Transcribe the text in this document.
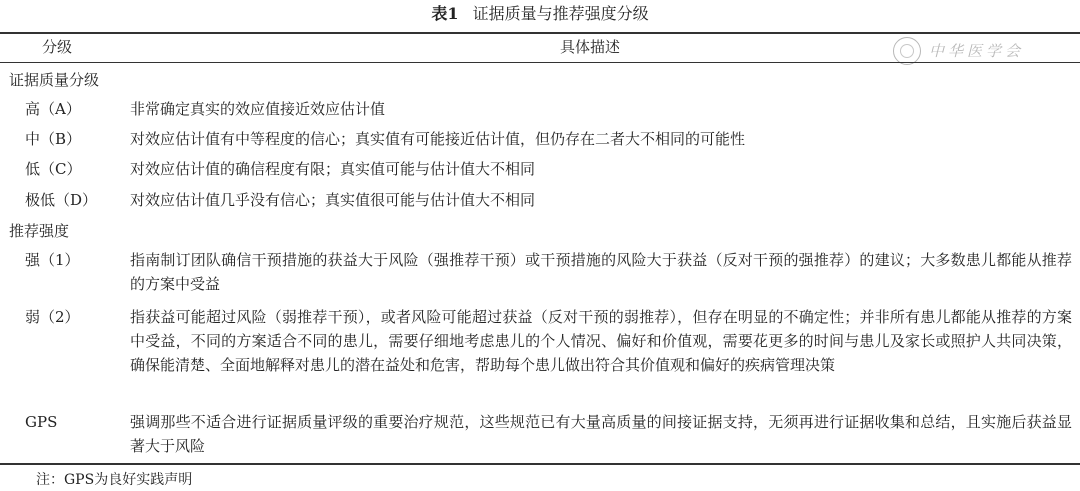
表1 证据质量与推荐强度分级
分级	具体描述	中华医学会
证据质量分级
高（A）	非常确定真实的效应值接近效应估计值
中（B）	对效应估计值有中等程度的信心；真实值有可能接近估计值，但仍存在二者大不相同的可能性
低（C）	对效应估计值的确信程度有限；真实值可能与估计值大不相同
极低（D） 对效应估计值几乎没有信心；真实值很可能与估计值大不相同
推荐强度
强（1）	指南制订团队确信干预措施的获益大于风险（强推荐干预）或干预措施的风险大于获益（反对干预的强推荐）的建议；大多数患儿都能从推荐的方案中受益
弱（2）	指获益可能超过风险（弱推荐干预），或者风险可能超过获益（反对干预的弱推荐），但存在明显的不确定性；并非所有患儿都能从推荐的方案中受益，不同的方案适合不同的患儿，需要仔细地考虑患儿的个人情况、偏好和价值观，需要花更多的时间与患儿及家长或照护人共同决策，确保能清楚、全面地解释对患儿的潜在益处和危害，帮助每个患儿做出符合其价值观和偏好的疾病管理决策
GPS	强调那些不适合进行证据质量评级的重要治疗规范，这些规范已有大量高质量的间接证据支持，无须再进行证据收集和总结，且实施后获益显著大于风险
注：GPS为良好实践声明
